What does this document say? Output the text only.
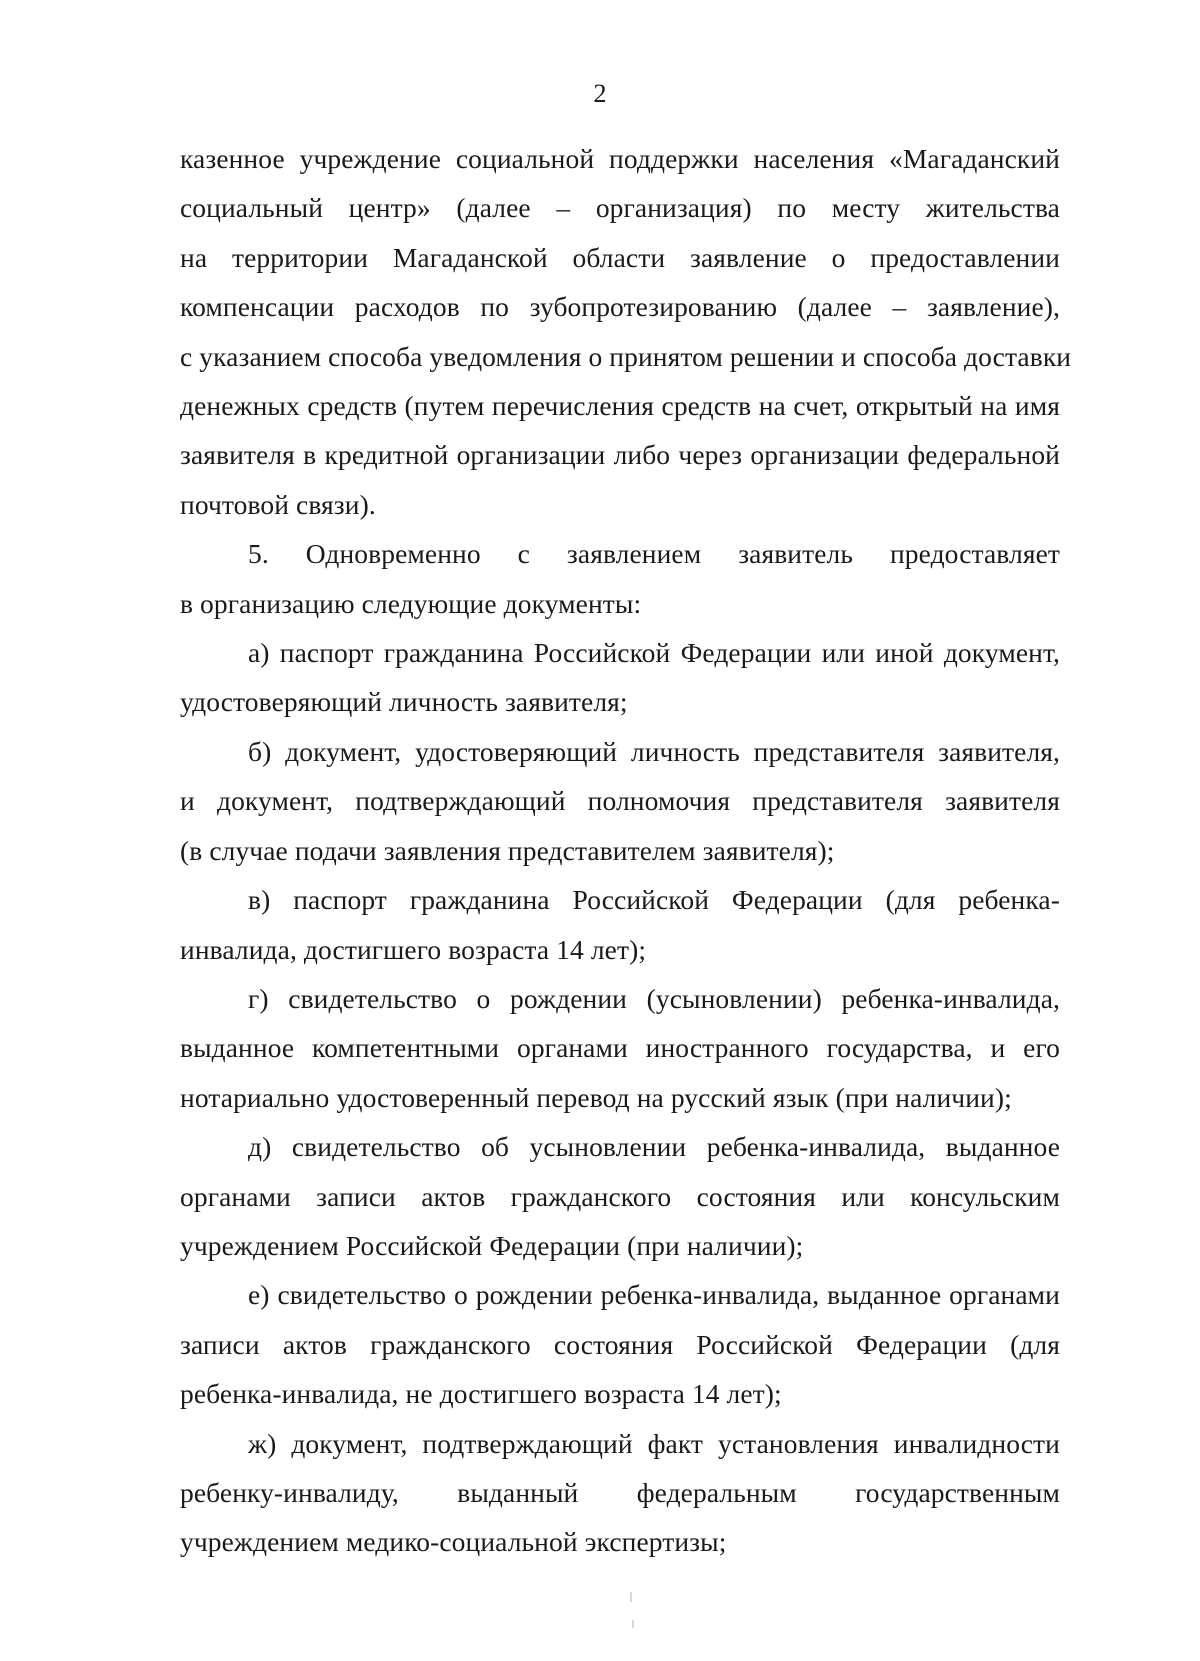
2

казенное учреждение социальной поддержки населения «Магаданский
социальный центр» (далее – организация) по месту жительства
на территории Магаданской области заявление о предоставлении
компенсации расходов по зубопротезированию (далее – заявление),
с указанием способа уведомления о принятом решении и способа доставки
денежных средств (путем перечисления средств на счет, открытый на имя
заявителя в кредитной организации либо через организации федеральной
почтовой связи).

5. Одновременно с заявлением заявитель предоставляет
в организацию следующие документы:

а) паспорт гражданина Российской Федерации или иной документ,
удостоверяющий личность заявителя;

б) документ, удостоверяющий личность представителя заявителя,
и документ, подтверждающий полномочия представителя заявителя
(в случае подачи заявления представителем заявителя);

в) паспорт гражданина Российской Федерации (для ребенка-
инвалида, достигшего возраста 14 лет);

г) свидетельство о рождении (усыновлении) ребенка-инвалида,
выданное компетентными органами иностранного государства, и его
нотариально удостоверенный перевод на русский язык (при наличии);

д) свидетельство об усыновлении ребенка-инвалида, выданное
органами записи актов гражданского состояния или консульским
учреждением Российской Федерации (при наличии);

е) свидетельство о рождении ребенка-инвалида, выданное органами
записи актов гражданского состояния Российской Федерации (для
ребенка-инвалида, не достигшего возраста 14 лет);

ж) документ, подтверждающий факт установления инвалидности
ребенку-инвалиду, выданный федеральным государственным
учреждением медико-социальной экспертизы;
